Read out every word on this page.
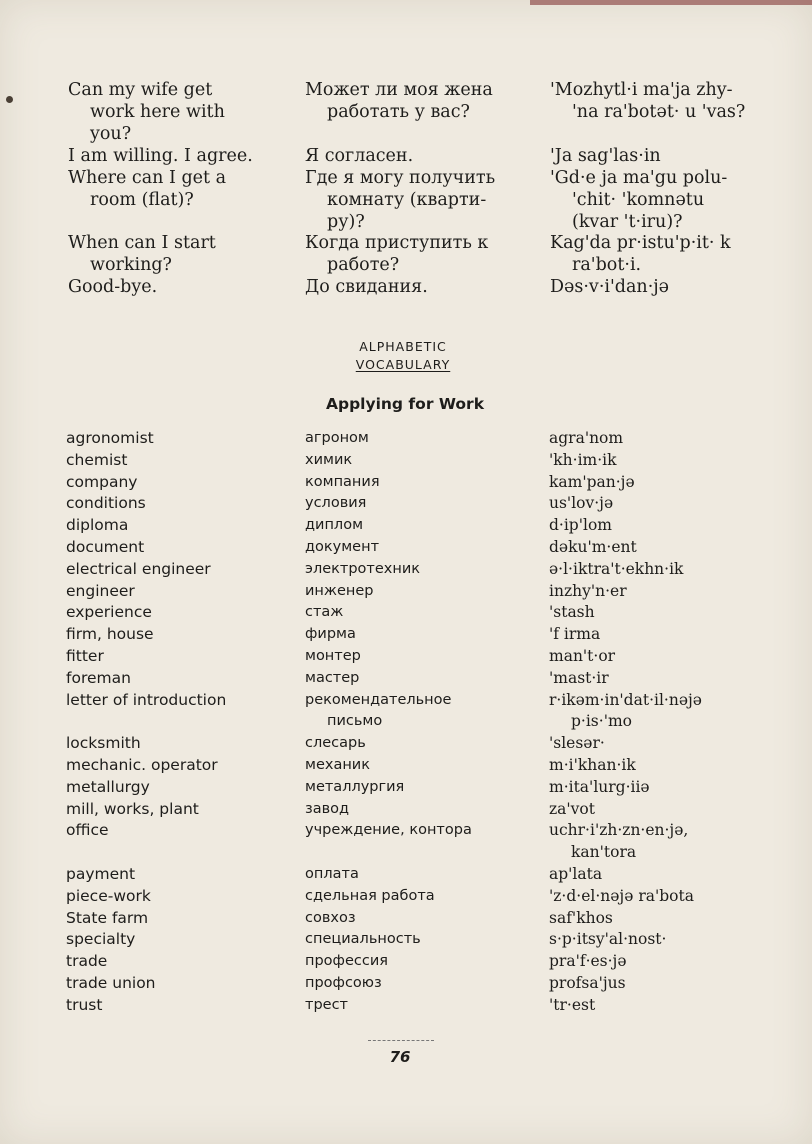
Can my wife get
work here with
you?
I am willing. I agree.
Where can I get a
room (flat)?
When can I start
working?
Good-bye.
Может ли моя жена
работать у вас?
Я согласен.
Где я могу получить
комнату (кварти-
ру)?
Когда приступить к
работе?
До свидания.
'Mozhytl·i ma'ja zhy-
'na ra'botət· u 'vas?
'Ja sag'las·in
'Gd·e ja ma'gu polu-
'chit· 'komnətu
(kvar 't·iru)?
Kag'da pr·istu'p·it· k
ra'bot·i.
Dəs·v·i'dan·jə
ALPHABETIC
VOCABULARY
Applying for Work
agronomist
chemist
company
conditions
diploma
document
electrical engineer
engineer
experience
firm, house
fitter
foreman
letter of introduction
locksmith
mechanic. operator
metallurgy
mill, works, plant
office
payment
piece-work
State farm
specialty
trade
trade union
trust
агроном
химик
компания
условия
диплом
документ
электротехник
инженер
стаж
фирма
монтер
мастер
рекомендательное
письмо
слесарь
механик
металлургия
завод
учреждение, контора
оплата
сдельная работа
совхоз
специальность
профессия
профсоюз
трест
agra'nom
'kh·im·ik
kam'pan·jə
us'lov·jə
d·ip'lom
dəku'm·ent
ə·l·iktra't·ekhn·ik
inzhy'n·er
'stash
'f irma
man't·or
'mast·ir
r·ikəm·in'dat·il·nəjə
p·is·'mo
'slesər·
m·i'khan·ik
m·ita'lurg·iiə
za'vot
uchr·i'zh·zn·en·jə,
kan'tora
ap'lata
'z·d·el·nəjə ra'bota
saf'khos
s·p·itsy'al·nost·
pra'f·es·jə
profsa'jus
'tr·est
76
